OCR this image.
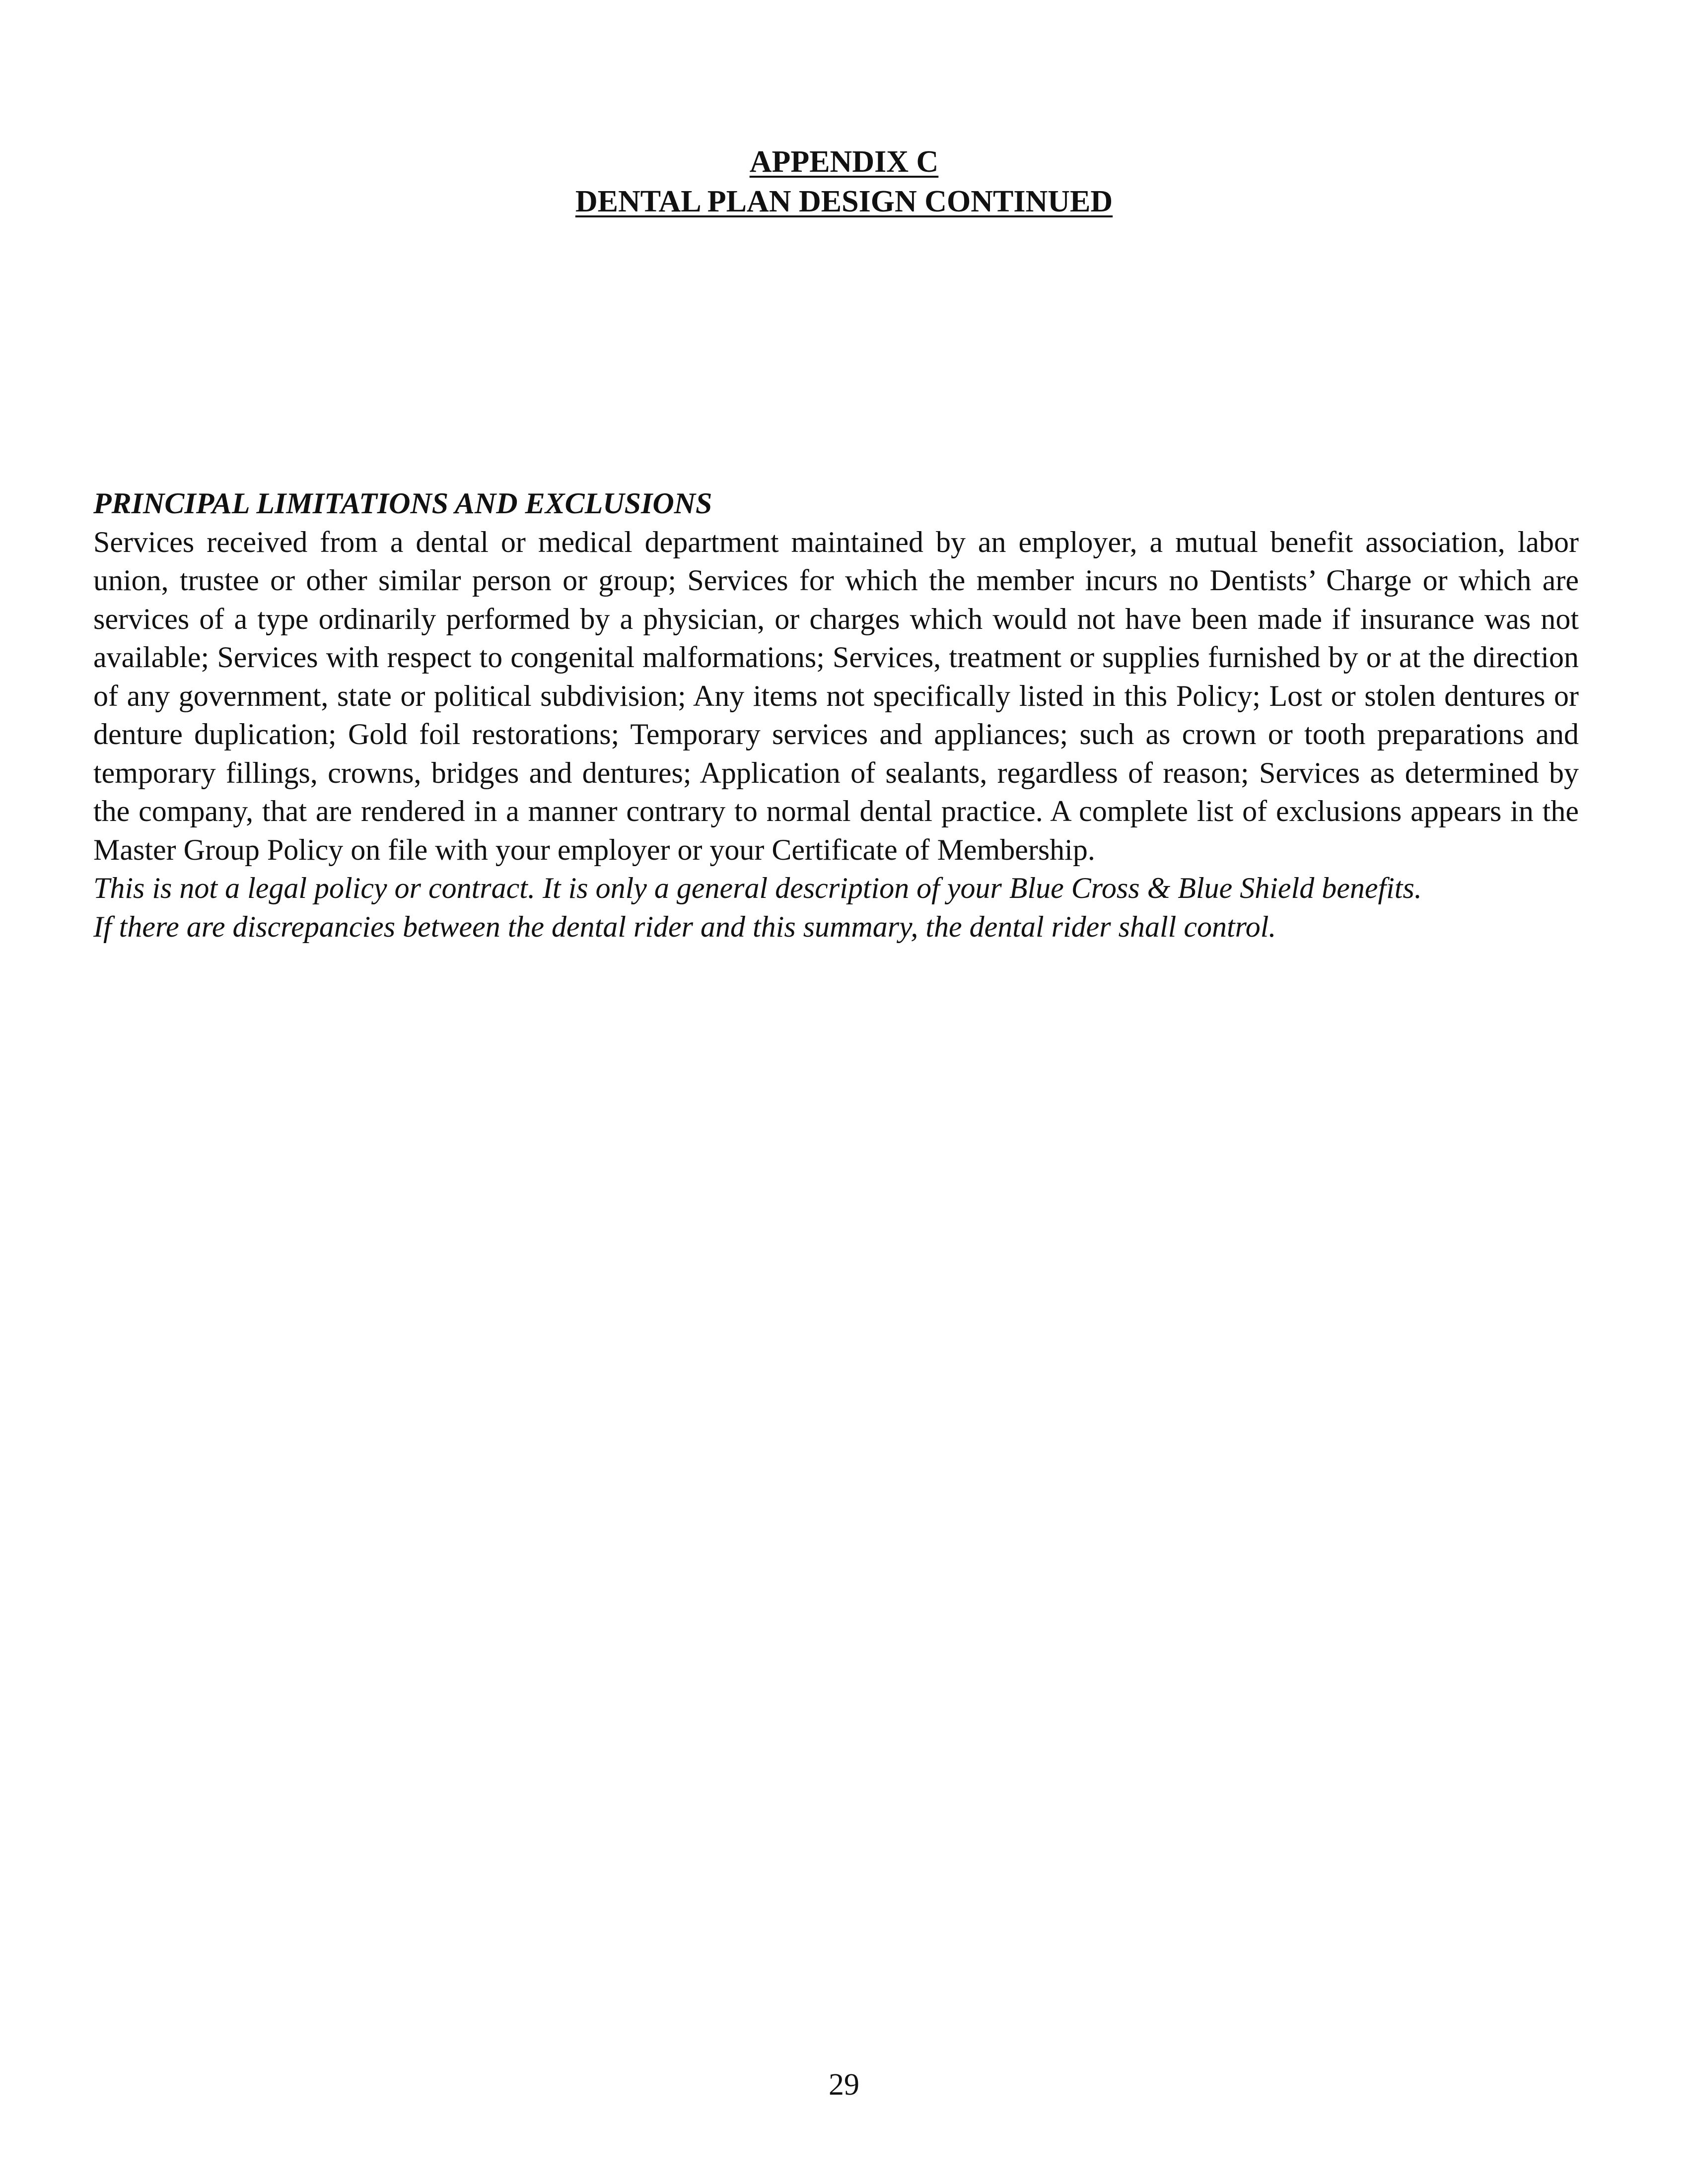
APPENDIX C
DENTAL PLAN DESIGN CONTINUED

PRINCIPAL LIMITATIONS AND EXCLUSIONS

Services received from a dental or medical department maintained by an employer, a mutual benefit association, labor union, trustee or other similar person or group; Services for which the member incurs no Dentists’ Charge or which are services of a type ordinarily performed by a physician, or charges which would not have been made if insurance was not available; Services with respect to congenital malformations; Services, treatment or supplies furnished by or at the direction of any government, state or political subdivision; Any items not specifically listed in this Policy; Lost or stolen dentures or denture duplication; Gold foil restorations; Temporary services and appliances; such as crown or tooth preparations and temporary fillings, crowns, bridges and dentures; Application of sealants, regardless of reason; Services as determined by the company, that are rendered in a manner contrary to normal dental practice. A complete list of exclusions appears in the Master Group Policy on file with your employer or your Certificate of Membership.

This is not a legal policy or contract. It is only a general description of your Blue Cross & Blue Shield benefits.

If there are discrepancies between the dental rider and this summary, the dental rider shall control.

29
